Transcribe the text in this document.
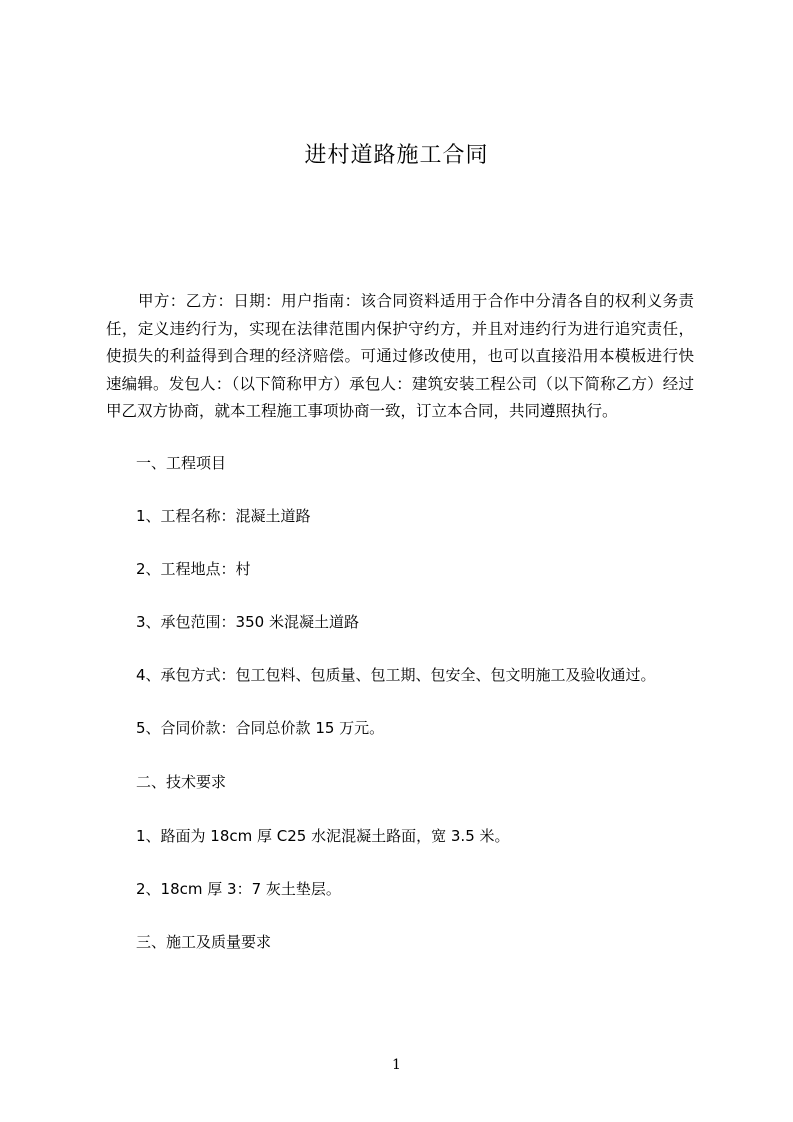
进村道路施工合同

甲方：乙方：日期：用户指南：该合同资料适用于合作中分清各自的权利义务责任，定义违约行为，实现在法律范围内保护守约方，并且对违约行为进行追究责任，使损失的利益得到合理的经济赔偿。可通过修改使用，也可以直接沿用本模板进行快速编辑。发包人：（以下简称甲方）承包人：建筑安装工程公司（以下简称乙方）经过甲乙双方协商，就本工程施工事项协商一致，订立本合同，共同遵照执行。

一、工程项目

1、工程名称：混凝土道路

2、工程地点：村

3、承包范围：350 米混凝土道路

4、承包方式：包工包料、包质量、包工期、包安全、包文明施工及验收通过。

5、合同价款：合同总价款 15 万元。

二、技术要求

1、路面为 18cm 厚 C25 水泥混凝土路面，宽 3.5 米。

2、18cm 厚 3：7 灰土垫层。

三、施工及质量要求

1
